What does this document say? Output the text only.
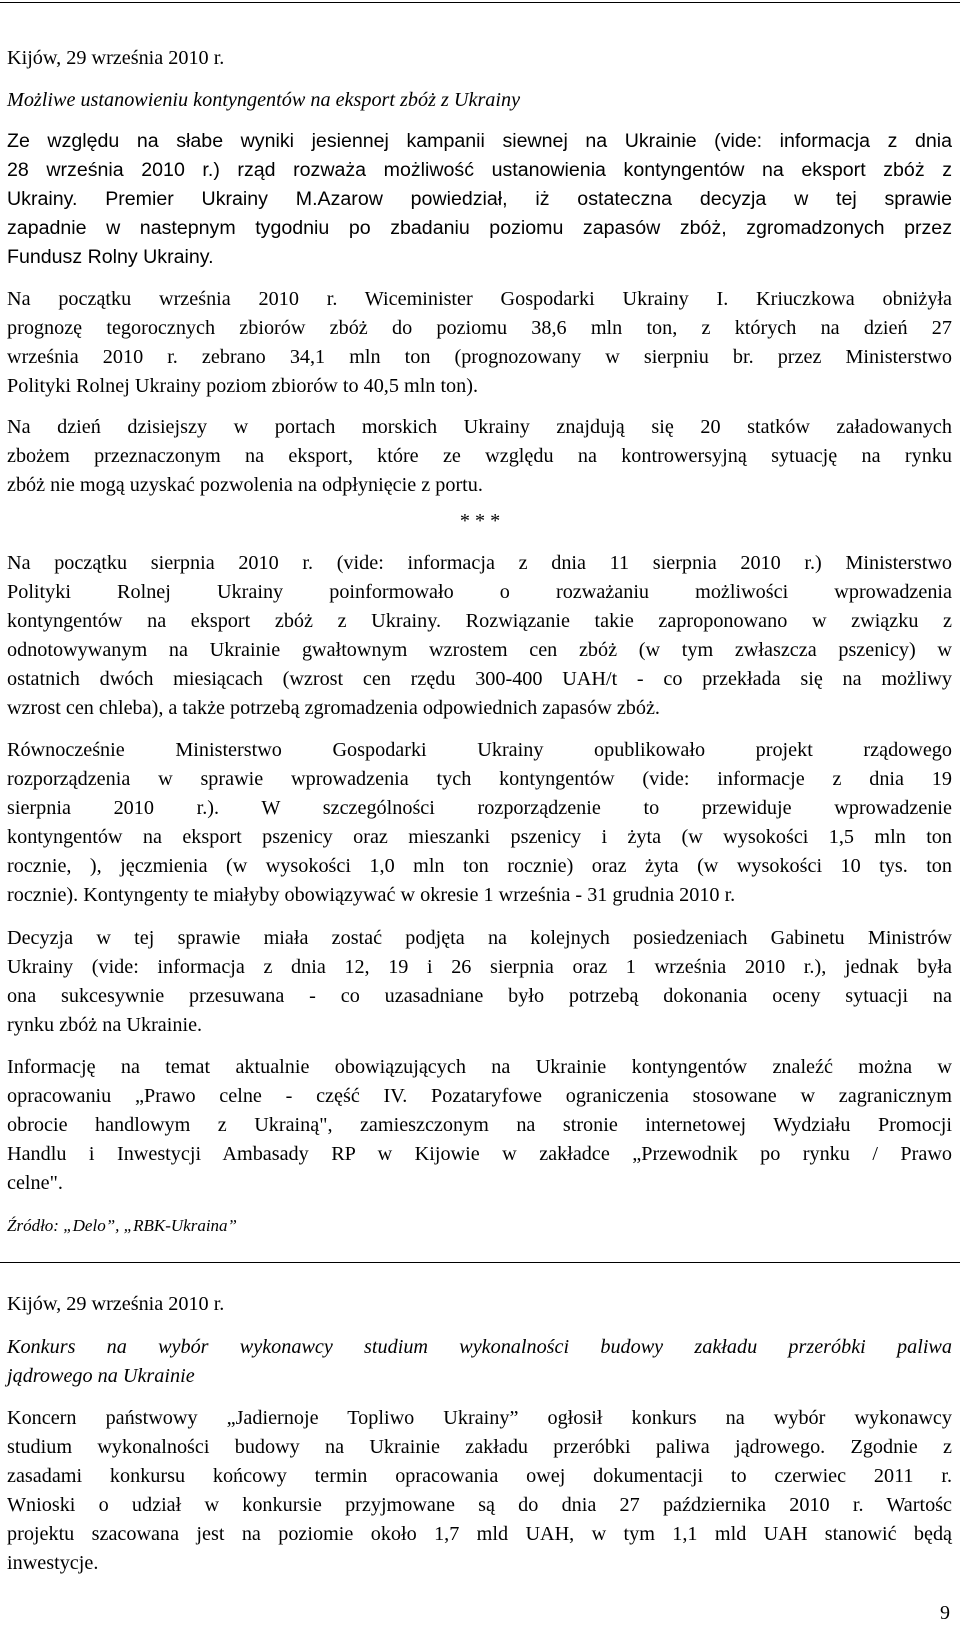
Kijów, 29 września 2010 r.
Możliwe ustanowieniu kontyngentów na eksport zbóż z Ukrainy
Ze względu na słabe wyniki jesiennej kampanii siewnej na Ukrainie (vide: informacja z dnia
28 września 2010 r.) rząd rozważa możliwość ustanowienia kontyngentów na eksport zbóż z
Ukrainy. Premier Ukrainy M.Azarow powiedział, iż ostateczna decyzja w tej sprawie
zapadnie w nastepnym tygodniu po zbadaniu poziomu zapasów zbóż, zgromadzonych przez
Fundusz Rolny Ukrainy.
Na początku września 2010 r. Wiceminister Gospodarki Ukrainy I. Kriuczkowa obniżyła
prognozę tegorocznych zbiorów zbóż do poziomu 38,6 mln ton, z których na dzień 27
września 2010 r. zebrano 34,1 mln ton (prognozowany w sierpniu br. przez Ministerstwo
Polityki Rolnej Ukrainy poziom zbiorów to 40,5 mln ton).
Na dzień dzisiejszy w portach morskich Ukrainy znajdują się 20 statków załadowanych
zbożem przeznaczonym na eksport, które ze względu na kontrowersyjną sytuację na rynku
zbóż nie mogą uzyskać pozwolenia na odpłynięcie z portu.
* * *
Na początku sierpnia 2010 r. (vide: informacja z dnia 11 sierpnia 2010 r.) Ministerstwo
Polityki Rolnej Ukrainy poinformowało o rozważaniu możliwości wprowadzenia
kontyngentów na eksport zbóż z Ukrainy. Rozwiązanie takie zaproponowano w związku z
odnotowywanym na Ukrainie gwałtownym wzrostem cen zbóż (w tym zwłaszcza pszenicy) w
ostatnich dwóch miesiącach (wzrost cen rzędu 300-400 UAH/t - co przekłada się na możliwy
wzrost cen chleba), a także potrzebą zgromadzenia odpowiednich zapasów zbóż.
Równocześnie Ministerstwo Gospodarki Ukrainy opublikowało projekt rządowego
rozporządzenia w sprawie wprowadzenia tych kontyngentów (vide: informacje z dnia 19
sierpnia 2010 r.). W szczególności rozporządzenie to przewiduje wprowadzenie
kontyngentów na eksport pszenicy oraz mieszanki pszenicy i żyta (w wysokości 1,5 mln ton
rocznie, ), jęczmienia (w wysokości 1,0 mln ton rocznie) oraz żyta (w wysokości 10 tys. ton
rocznie). Kontyngenty te miałyby obowiązywać w okresie 1 września - 31 grudnia 2010 r.
Decyzja w tej sprawie miała zostać podjęta na kolejnych posiedzeniach Gabinetu Ministrów
Ukrainy (vide: informacja z dnia 12, 19 i 26 sierpnia oraz 1 września 2010 r.), jednak była
ona sukcesywnie przesuwana - co uzasadniane było potrzebą dokonania oceny sytuacji na
rynku zbóż na Ukrainie.
Informację na temat aktualnie obowiązujących na Ukrainie kontyngentów znaleźć można w
opracowaniu „Prawo celne - część IV. Pozataryfowe ograniczenia stosowane w zagranicznym
obrocie handlowym z Ukrainą", zamieszczonym na stronie internetowej Wydziału Promocji
Handlu i Inwestycji Ambasady RP w Kijowie w zakładce „Przewodnik po rynku / Prawo
celne".
Źródło: „Delo”, „RBK-Ukraina”
Kijów, 29 września 2010 r.
Konkurs na wybór wykonawcy studium wykonalności budowy zakładu przeróbki paliwa
jądrowego na Ukrainie
Koncern państwowy „Jadiernoje Topliwo Ukrainy” ogłosił konkurs na wybór wykonawcy
studium wykonalności budowy na Ukrainie zakładu przeróbki paliwa jądrowego. Zgodnie z
zasadami konkursu końcowy termin opracowania owej dokumentacji to czerwiec 2011 r.
Wnioski o udział w konkursie przyjmowane są do dnia 27 października 2010 r. Wartośc
projektu szacowana jest na poziomie około 1,7 mld UAH, w tym 1,1 mld UAH stanowić będą
inwestycje.
9
